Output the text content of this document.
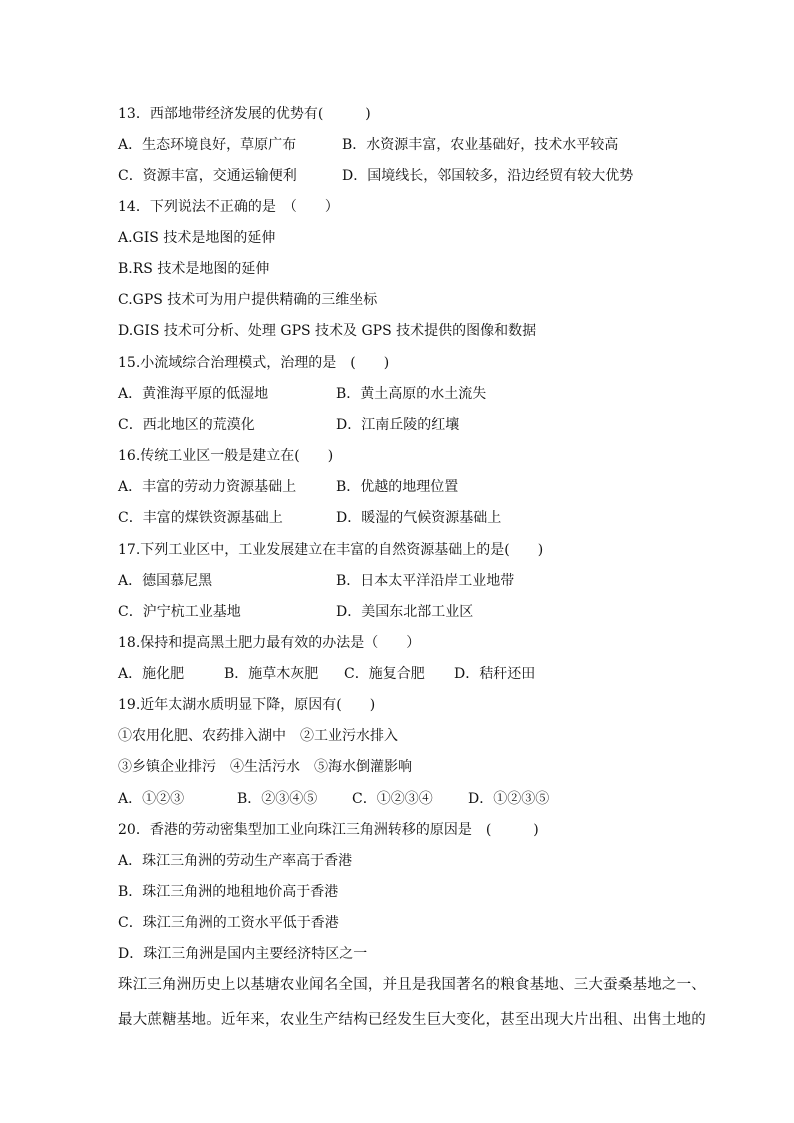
13．西部地带经济发展的优势有(　　　)
A．生态环境良好，草原广布	B．水资源丰富，农业基础好，技术水平较高
C．资源丰富，交通运输便利	D．国境线长，邻国较多，沿边经贸有较大优势
14．下列说法不正确的是　（　　）
A.GIS 技术是地图的延伸
B.RS 技术是地图的延伸
C.GPS 技术可为用户提供精确的三维坐标
D.GIS 技术可分析、处理 GPS 技术及 GPS 技术提供的图像和数据
15.小流域综合治理模式，治理的是　(　　)
A．黄淮海平原的低湿地	B．黄土高原的水土流失
C．西北地区的荒漠化	D．江南丘陵的红壤
16.传统工业区一般是建立在(　　)
A．丰富的劳动力资源基础上	B．优越的地理位置
C．丰富的煤铁资源基础上	D．暖湿的气候资源基础上
17.下列工业区中，工业发展建立在丰富的自然资源基础上的是(　　)
A．德国慕尼黑	B．日本太平洋沿岸工业地带
C．沪宁杭工业基地	D．美国东北部工业区
18.保持和提高黑土肥力最有效的办法是（　　）
A．施化肥	B．施草木灰肥 C．施复合肥 D．秸秆还田
19.近年太湖水质明显下降，原因有(　　)
①农用化肥、农药排入湖中　②工业污水排入
③乡镇企业排污　④生活污水　⑤海水倒灌影响
A．①②③	B．②③④⑤ C．①②③④	D．①②③⑤
20．香港的劳动密集型加工业向珠江三角洲转移的原因是　(　　　)
A．珠江三角洲的劳动生产率高于香港
B．珠江三角洲的地租地价高于香港
C．珠江三角洲的工资水平低于香港
D．珠江三角洲是国内主要经济特区之一
珠江三角洲历史上以基塘农业闻名全国，并且是我国著名的粮食基地、三大蚕桑基地之一、
最大蔗糖基地。近年来，农业生产结构已经发生巨大变化，甚至出现大片出租、出售土地的
